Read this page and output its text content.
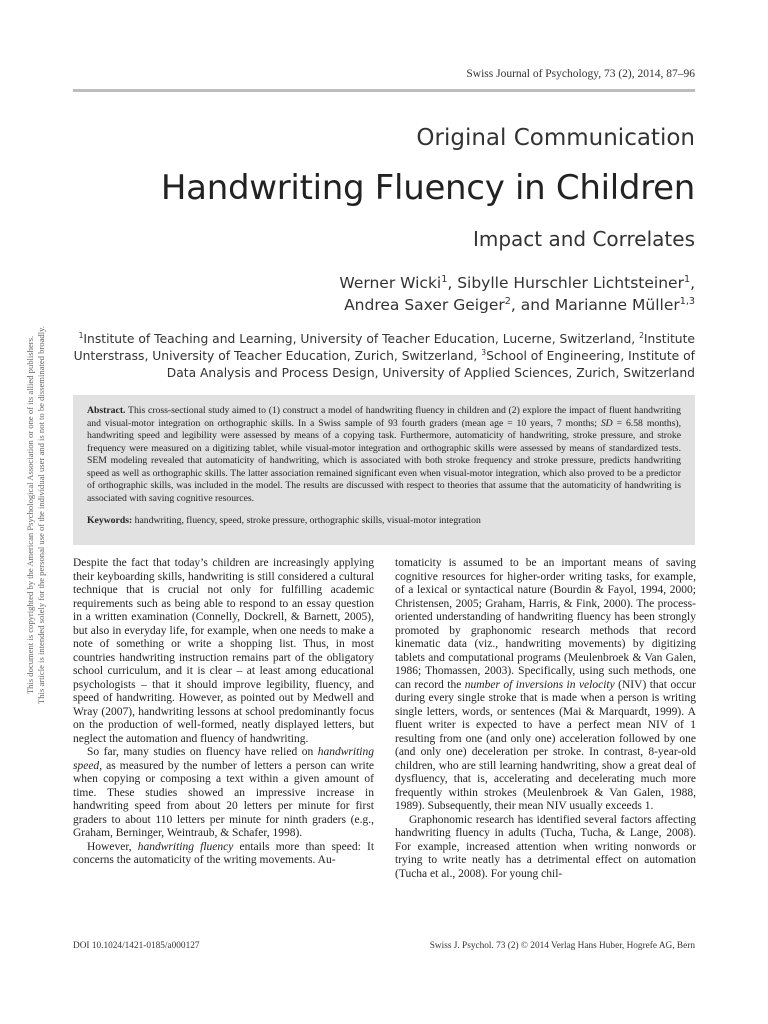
Swiss Journal of Psychology, 73 (2), 2014, 87–96
Original Communication
Handwriting Fluency in Children
Impact and Correlates
Werner Wicki$^1$, Sibylle Hurschler Lichtsteiner$^1$,
Andrea Saxer Geiger$^2$, and Marianne Müller$^{1,3}$
$^1$Institute of Teaching and Learning, University of Teacher Education, Lucerne, Switzerland, $^2$Institute Unterstrass, University of Teacher Education, Zurich, Switzerland, $^3$School of Engineering, Institute of Data Analysis and Process Design, University of Applied Sciences, Zurich, Switzerland

Abstract. This cross-sectional study aimed to (1) construct a model of handwriting fluency in children and (2) explore the impact of fluent handwriting and visual-motor integration on orthographic skills. In a Swiss sample of 93 fourth graders (mean age = 10 years, 7 months; SD = 6.58 months), handwriting speed and legibility were assessed by means of a copying task. Furthermore, automaticity of handwriting, stroke pressure, and stroke frequency were measured on a digitizing tablet, while visual-motor integration and orthographic skills were assessed by means of standardized tests. SEM modeling revealed that automaticity of handwriting, which is associated with both stroke frequency and stroke pressure, predicts handwriting speed as well as orthographic skills. The latter association remained significant even when visual-motor integration, which also proved to be a predictor of orthographic skills, was included in the model. The results are discussed with respect to theories that assume that the automaticity of handwriting is associated with saving cognitive resources.

Keywords: handwriting, fluency, speed, stroke pressure, orthographic skills, visual-motor integration

This document is copyrighted by the American Psychological Association or one of its allied publishers. This article is intended solely for the personal use of the individual user and is not to be disseminated broadly. Despite the fact that today’s children are increasingly applying their keyboarding skills, handwriting is still considered a cultural technique that is crucial not only for fulfilling academic requirements such as being able to respond to an essay question in a written examination (Connelly, Dockrell, & Barnett, 2005), but also in everyday life, for example, when one needs to make a note of something or write a shopping list. Thus, in most countries handwriting instruction remains part of the obligatory school curriculum, and it is clear – at least among educational psychologists – that it should improve legibility, fluency, and speed of handwriting. However, as pointed out by Medwell and Wray (2007), handwriting lessons at school predominantly focus on the production of well-formed, neatly displayed letters, but neglect the automation and fluency of handwriting.

So far, many studies on fluency have relied on handwriting speed, as measured by the number of letters a person can write when copying or composing a text within a given amount of time. These studies showed an impressive increase in handwriting speed from about 20 letters per minute for first graders to about 110 letters per minute for ninth graders (e.g., Graham, Berninger, Weintraub, & Schafer, 1998).

However, handwriting fluency entails more than speed: It concerns the automaticity of the writing movements. Au-

tomaticity is assumed to be an important means of saving cognitive resources for higher-order writing tasks, for example, of a lexical or syntactical nature (Bourdin & Fayol, 1994, 2000; Christensen, 2005; Graham, Harris, & Fink, 2000). The process-oriented understanding of handwriting fluency has been strongly promoted by graphonomic research methods that record kinematic data (viz., handwriting movements) by digitizing tablets and computational programs (Meulenbroek & Van Galen, 1986; Thomassen, 2003). Specifically, using such methods, one can record the number of inversions in velocity (NIV) that occur during every single stroke that is made when a person is writing single letters, words, or sentences (Mai & Marquardt, 1999). A fluent writer is expected to have a perfect mean NIV of 1 resulting from one (and only one) acceleration followed by one (and only one) deceleration per stroke. In contrast, 8-year-old children, who are still learning handwriting, show a great deal of dysfluency, that is, accelerating and decelerating much more frequently within strokes (Meulenbroek & Van Galen, 1988, 1989). Subsequently, their mean NIV usually exceeds 1.

Graphonomic research has identified several factors affecting handwriting fluency in adults (Tucha, Tucha, & Lange, 2008). For example, increased attention when writing nonwords or trying to write neatly has a detrimental effect on automation (Tucha et al., 2008). For young chil-

DOI 10.1024/1421-0185/a000127	Swiss J. Psychol. 73 (2) © 2014 Verlag Hans Huber, Hogrefe AG, Bern
